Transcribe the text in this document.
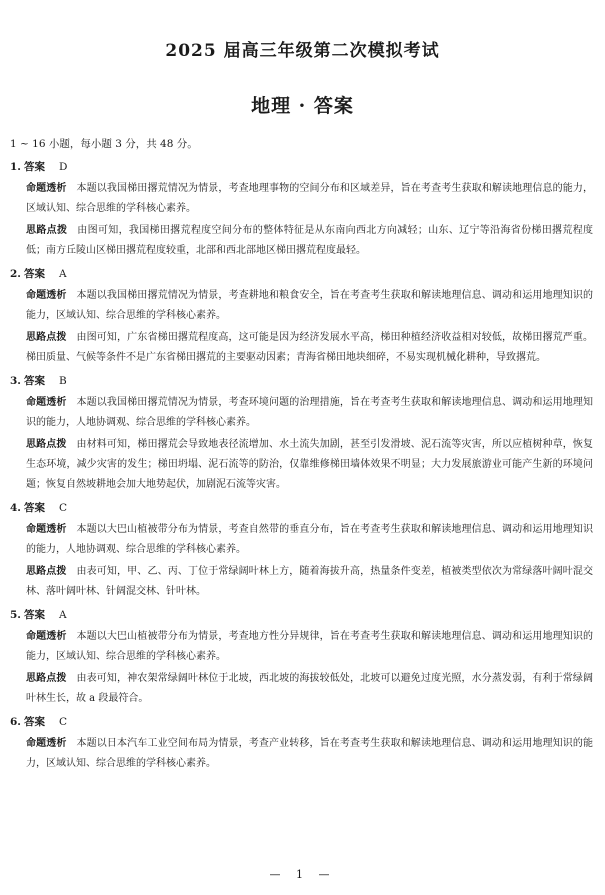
2025 届高三年级第二次模拟考试
地理 · 答案
1 ~ 16 小题，每小题 3 分，共 48 分。
1. 答案 D
命题透析 本题以我国梯田撂荒情况为情景，考查地理事物的空间分布和区域差异，旨在考查考生获取和解读地理信息的能力，区域认知、综合思维的学科核心素养。
思路点拨 由图可知，我国梯田撂荒程度空间分布的整体特征是从东南向西北方向减轻；山东、辽宁等沿海省份梯田撂荒程度低；南方丘陵山区梯田撂荒程度较重，北部和西北部地区梯田撂荒程度最轻。
2. 答案 A
命题透析 本题以我国梯田撂荒情况为情景，考查耕地和粮食安全，旨在考查考生获取和解读地理信息、调动和运用地理知识的能力，区域认知、综合思维的学科核心素养。
思路点拨 由图可知，广东省梯田撂荒程度高，这可能是因为经济发展水平高，梯田种植经济收益相对较低，故梯田撂荒严重。梯田质量、气候等条件不是广东省梯田撂荒的主要驱动因素；青海省梯田地块细碎，不易实现机械化耕种，导致撂荒。
3. 答案 B
命题透析 本题以我国梯田撂荒情况为情景，考查环境问题的治理措施，旨在考查考生获取和解读地理信息、调动和运用地理知识的能力，人地协调观、综合思维的学科核心素养。
思路点拨 由材料可知，梯田撂荒会导致地表径流增加、水土流失加剧，甚至引发滑坡、泥石流等灾害，所以应植树种草，恢复生态环境，减少灾害的发生；梯田坍塌、泥石流等的防治，仅靠维修梯田墙体效果不明显；大力发展旅游业可能产生新的环境问题；恢复自然坡耕地会加大地势起伏，加剧泥石流等灾害。
4. 答案 C
命题透析 本题以大巴山植被带分布为情景，考查自然带的垂直分布，旨在考查考生获取和解读地理信息、调动和运用地理知识的能力，人地协调观、综合思维的学科核心素养。
思路点拨 由表可知，甲、乙、丙、丁位于常绿阔叶林上方，随着海拔升高，热量条件变差，植被类型依次为常绿落叶阔叶混交林、落叶阔叶林、针阔混交林、针叶林。
5. 答案 A
命题透析 本题以大巴山植被带分布为情景，考查地方性分异规律，旨在考查考生获取和解读地理信息、调动和运用地理知识的能力，区域认知、综合思维的学科核心素养。
思路点拨 由表可知，神农架常绿阔叶林位于北坡，西北坡的海拔较低处，北坡可以避免过度光照，水分蒸发弱，有利于常绿阔叶林生长，故 a 段最符合。
6. 答案 C
命题透析 本题以日本汽车工业空间布局为情景，考查产业转移，旨在考查考生获取和解读地理信息、调动和运用地理知识的能力，区域认知、综合思维的学科核心素养。
— 1 —
